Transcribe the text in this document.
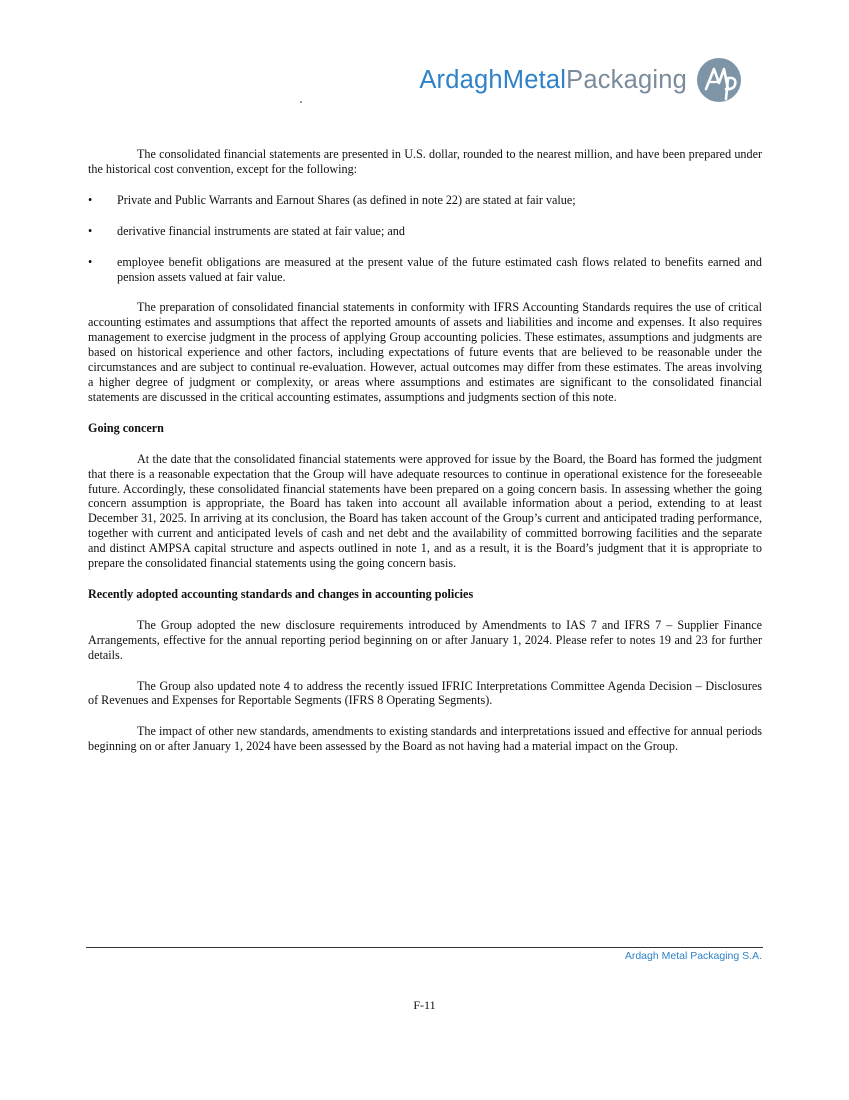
ArdaghMetalPackaging

The consolidated financial statements are presented in U.S. dollar, rounded to the nearest million, and have been prepared under the historical cost convention, except for the following:

• Private and Public Warrants and Earnout Shares (as defined in note 22) are stated at fair value;
• derivative financial instruments are stated at fair value; and
• employee benefit obligations are measured at the present value of the future estimated cash flows related to benefits earned and pension assets valued at fair value.

The preparation of consolidated financial statements in conformity with IFRS Accounting Standards requires the use of critical accounting estimates and assumptions that affect the reported amounts of assets and liabilities and income and expenses. It also requires management to exercise judgment in the process of applying Group accounting policies. These estimates, assumptions and judgments are based on historical experience and other factors, including expectations of future events that are believed to be reasonable under the circumstances and are subject to continual re-evaluation. However, actual outcomes may differ from these estimates. The areas involving a higher degree of judgment or complexity, or areas where assumptions and estimates are significant to the consolidated financial statements are discussed in the critical accounting estimates, assumptions and judgments section of this note.

Going concern

At the date that the consolidated financial statements were approved for issue by the Board, the Board has formed the judgment that there is a reasonable expectation that the Group will have adequate resources to continue in operational existence for the foreseeable future. Accordingly, these consolidated financial statements have been prepared on a going concern basis. In assessing whether the going concern assumption is appropriate, the Board has taken into account all available information about a period, extending to at least December 31, 2025. In arriving at its conclusion, the Board has taken account of the Group’s current and anticipated trading performance, together with current and anticipated levels of cash and net debt and the availability of committed borrowing facilities and the separate and distinct AMPSA capital structure and aspects outlined in note 1, and as a result, it is the Board’s judgment that it is appropriate to prepare the consolidated financial statements using the going concern basis.

Recently adopted accounting standards and changes in accounting policies

The Group adopted the new disclosure requirements introduced by Amendments to IAS 7 and IFRS 7 – Supplier Finance Arrangements, effective for the annual reporting period beginning on or after January 1, 2024. Please refer to notes 19 and 23 for further details.

The Group also updated note 4 to address the recently issued IFRIC Interpretations Committee Agenda Decision – Disclosures of Revenues and Expenses for Reportable Segments (IFRS 8 Operating Segments).

The impact of other new standards, amendments to existing standards and interpretations issued and effective for annual periods beginning on or after January 1, 2024 have been assessed by the Board as not having had a material impact on the Group.

Ardagh Metal Packaging S.A.
F-11
